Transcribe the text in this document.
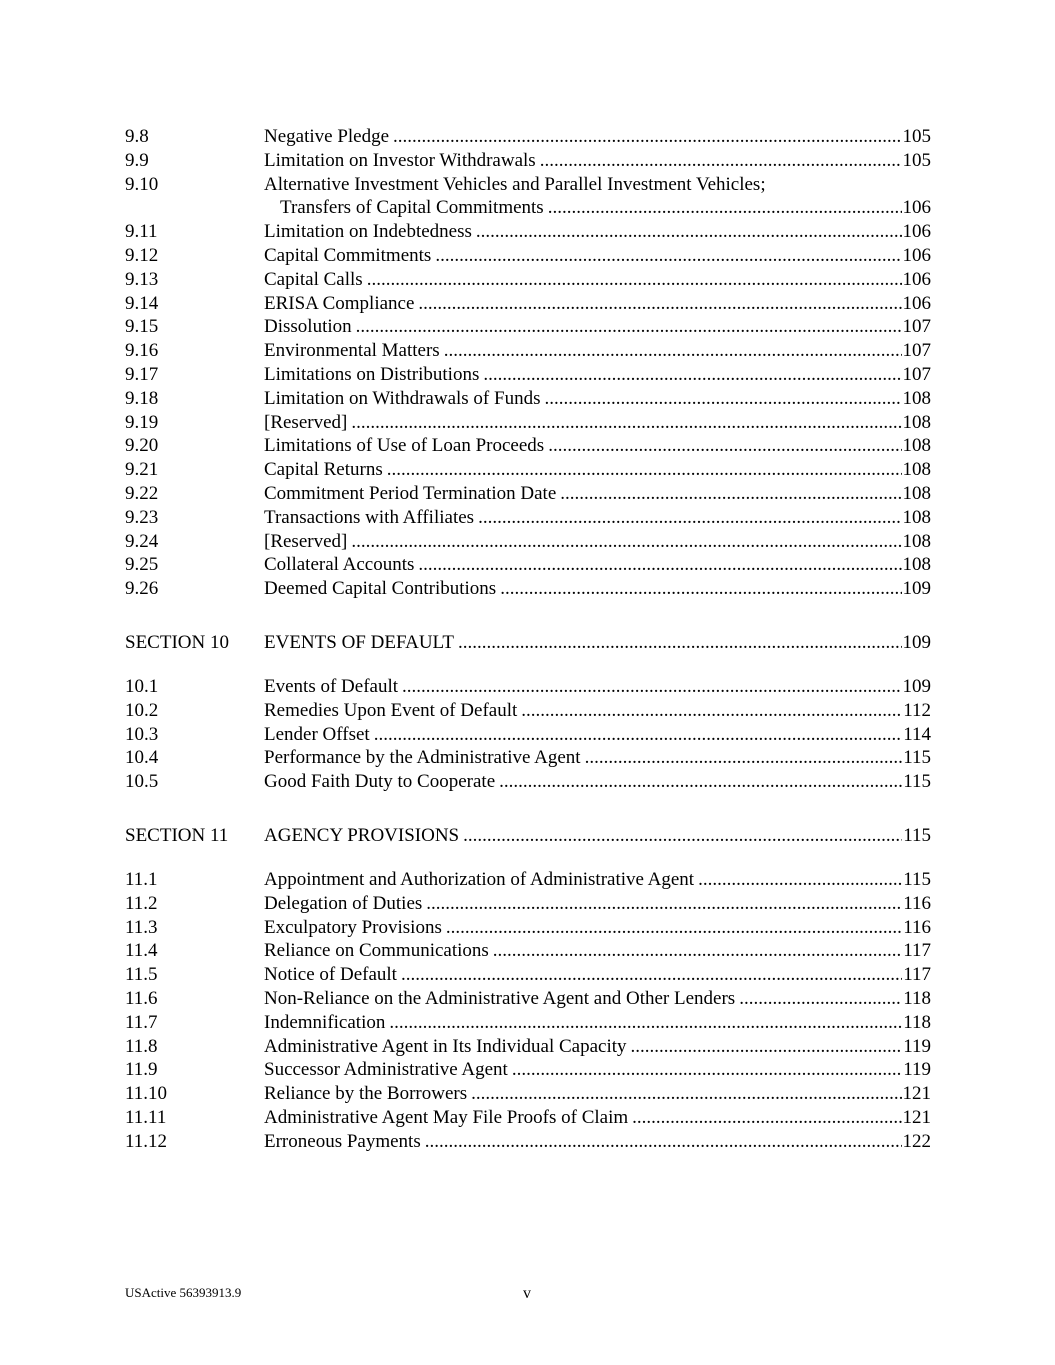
9.8	Negative Pledge .....	105
9.9	Limitation on Investor Withdrawals .....	105
9.10	Alternative Investment Vehicles and Parallel Investment Vehicles;
Transfers of Capital Commitments .....	106
9.11	Limitation on Indebtedness .....	106
9.12	Capital Commitments .....	106
9.13	Capital Calls .....	106
9.14	ERISA Compliance .....	106
9.15	Dissolution .....	107
9.16	Environmental Matters .....	107
9.17	Limitations on Distributions .....	107
9.18	Limitation on Withdrawals of Funds .....	108
9.19	[Reserved] .....	108
9.20	Limitations of Use of Loan Proceeds .....	108
9.21	Capital Returns .....	108
9.22	Commitment Period Termination Date .....	108
9.23	Transactions with Affiliates .....	108
9.24	[Reserved] .....	108
9.25	Collateral Accounts .....	108
9.26	Deemed Capital Contributions .....	109
SECTION 10	EVENTS OF DEFAULT .....	109
10.1	Events of Default .....	109
10.2	Remedies Upon Event of Default .....	112
10.3	Lender Offset .....	114
10.4	Performance by the Administrative Agent .....	115
10.5	Good Faith Duty to Cooperate .....	115
SECTION 11	AGENCY PROVISIONS .....	115
11.1	Appointment and Authorization of Administrative Agent .....	115
11.2	Delegation of Duties .....	116
11.3	Exculpatory Provisions .....	116
11.4	Reliance on Communications .....	117
11.5	Notice of Default .....	117
11.6	Non-Reliance on the Administrative Agent and Other Lenders .....	118
11.7	Indemnification .....	118
11.8	Administrative Agent in Its Individual Capacity .....	119
11.9	Successor Administrative Agent .....	119
11.10	Reliance by the Borrowers .....	121
11.11	Administrative Agent May File Proofs of Claim .....	121
11.12	Erroneous Payments .....	122
USActive 56393913.9	v
